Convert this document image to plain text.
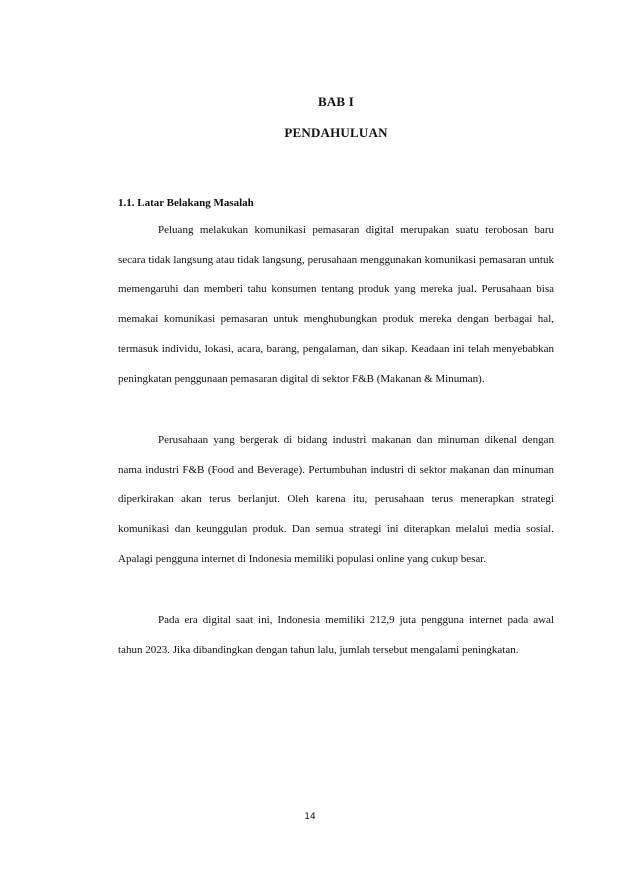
BAB I
PENDAHULUAN
1.1. Latar Belakang Masalah

Peluang melakukan komunikasi pemasaran digital merupakan suatu terobosan baru secara tidak langsung atau tidak langsung, perusahaan menggunakan komunikasi pemasaran untuk memengaruhi dan memberi tahu konsumen tentang produk yang mereka jual. Perusahaan bisa memakai komunikasi pemasaran untuk menghubungkan produk mereka dengan berbagai hal, termasuk individu, lokasi, acara, barang, pengalaman, dan sikap. Keadaan ini telah menyebabkan peningkatan penggunaan pemasaran digital di sektor F&B (Makanan & Minuman).

Perusahaan yang bergerak di bidang industri makanan dan minuman dikenal dengan nama industri F&B (Food and Beverage). Pertumbuhan industri di sektor makanan dan minuman diperkirakan akan terus berlanjut. Oleh karena itu, perusahaan terus menerapkan strategi komunikasi dan keunggulan produk. Dan semua strategi ini diterapkan melalui media sosial. Apalagi pengguna internet di Indonesia memiliki populasi online yang cukup besar.

Pada era digital saat ini, Indonesia memiliki 212,9 juta pengguna internet pada awal tahun 2023. Jika dibandingkan dengan tahun lalu, jumlah tersebut mengalami peningkatan.

14
